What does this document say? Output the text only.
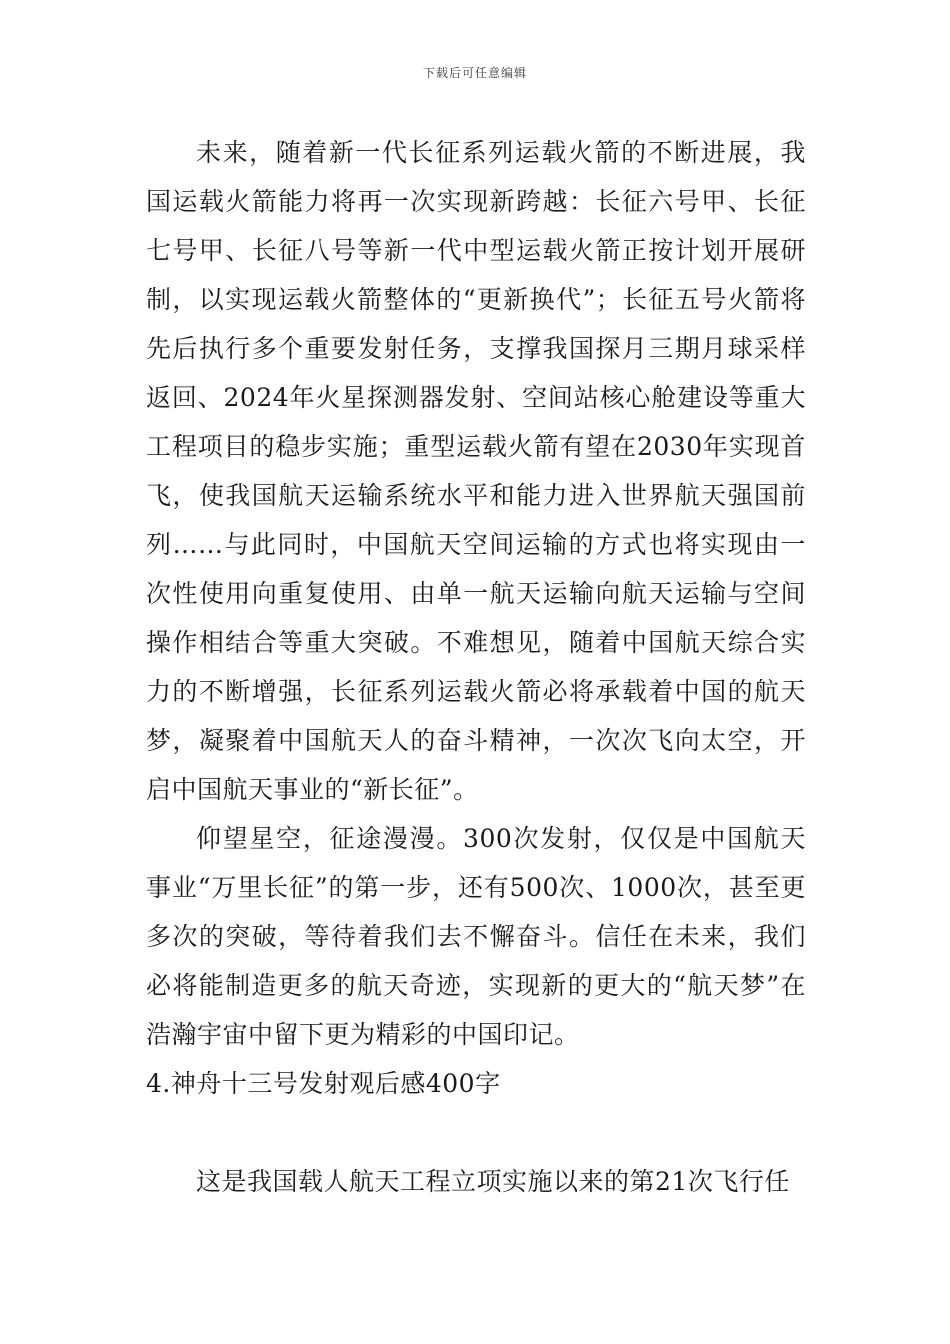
下载后可任意编辑

未来，随着新一代长征系列运载火箭的不断进展，我国运载火箭能力将再一次实现新跨越：长征六号甲、长征七号甲、长征八号等新一代中型运载火箭正按计划开展研制，以实现运载火箭整体的“更新换代”；长征五号火箭将先后执行多个重要发射任务，支撑我国探月三期月球采样返回、2024年火星探测器发射、空间站核心舱建设等重大工程项目的稳步实施；重型运载火箭有望在2030年实现首飞，使我国航天运输系统水平和能力进入世界航天强国前列……与此同时，中国航天空间运输的方式也将实现由一次性使用向重复使用、由单一航天运输向航天运输与空间操作相结合等重大突破。不难想见，随着中国航天综合实力的不断增强，长征系列运载火箭必将承载着中国的航天梦，凝聚着中国航天人的奋斗精神，一次次飞向太空，开启中国航天事业的“新长征”。

仰望星空，征途漫漫。300次发射，仅仅是中国航天事业“万里长征”的第一步，还有500次、1000次，甚至更多次的突破，等待着我们去不懈奋斗。信任在未来，我们必将能制造更多的航天奇迹，实现新的更大的“航天梦”在浩瀚宇宙中留下更为精彩的中国印记。

4.神舟十三号发射观后感400字

这是我国载人航天工程立项实施以来的第21次飞行任
